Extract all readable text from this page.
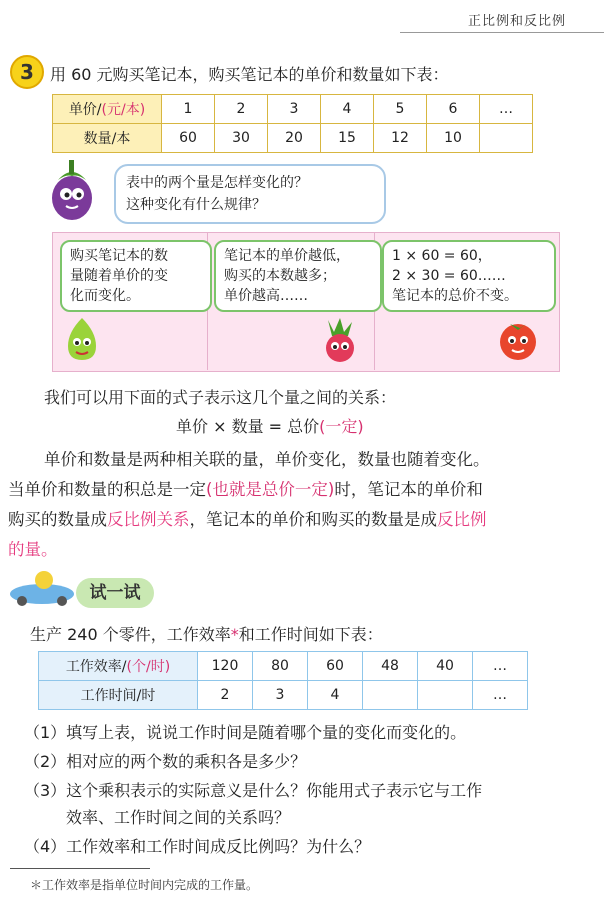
正比例和反比例
3	用 60 元购买笔记本，购买笔记本的单价和数量如下表：
单价/(元/本)	1	2	3	4	5	6	…
数量/本	60	30	20	15	12	10	
表中的两个量是怎样变化的？
这种变化有什么规律？
购买笔记本的数
量随着单价的变
化而变化。
笔记本的单价越低，
购买的本数越多；
单价越高……
1 × 60 = 60，
2 × 30 = 60……
笔记本的总价不变。
我们可以用下面的式子表示这几个量之间的关系：
单价 × 数量 = 总价(一定)
单价和数量是两种相关联的量，单价变化，数量也随着变化。
当单价和数量的积总是一定(也就是总价一定)时，笔记本的单价和
购买的数量成反比例关系，笔记本的单价和购买的数量是成反比例
的量。
试一试
生产 240 个零件，工作效率*和工作时间如下表：
工作效率/(个/时)	120	80	60	48	40	…
工作时间/时	2	3	4			…
（1）填写上表，说说工作时间是随着哪个量的变化而变化的。
（2）相对应的两个数的乘积各是多少？
（3）这个乘积表示的实际意义是什么？你能用式子表示它与工作
效率、工作时间之间的关系吗？
（4）工作效率和工作时间成反比例吗？为什么？
＊工作效率是指单位时间内完成的工作量。
